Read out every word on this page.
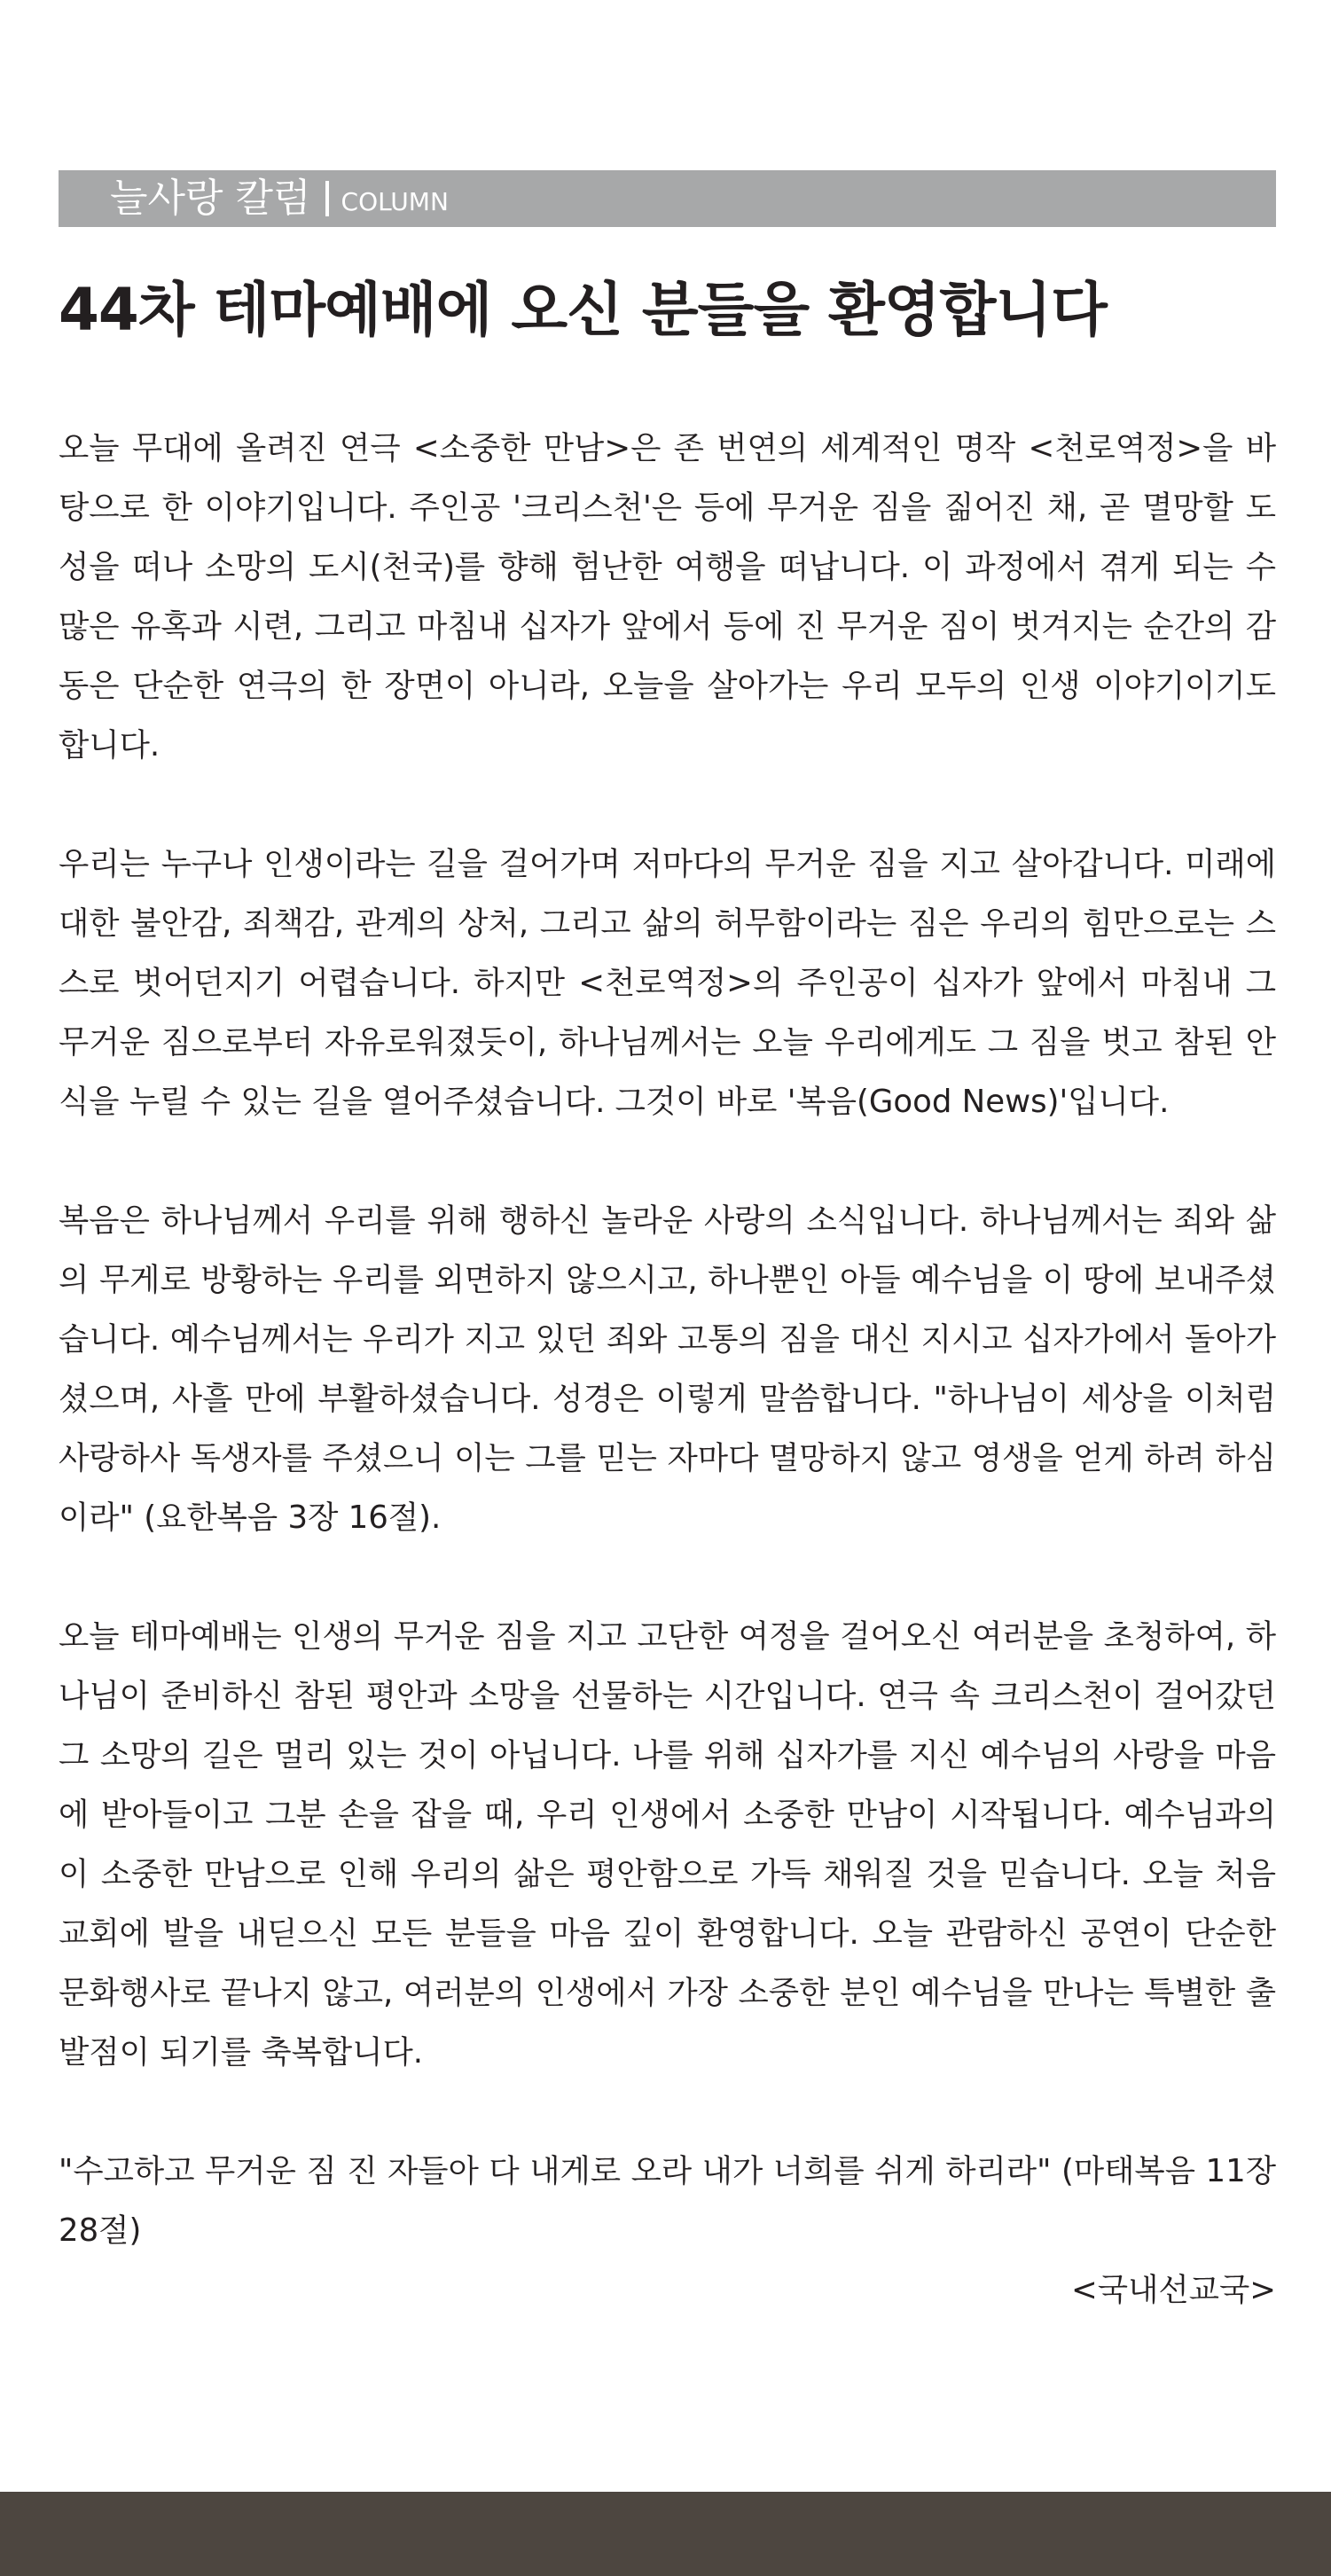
늘사랑 칼럼 COLUMN
44차 테마예배에 오신 분들을 환영합니다

오늘 무대에 올려진 연극 <소중한 만남>은 존 번연의 세계적인 명작 <천로역정>을 바탕으로 한 이야기입니다. 주인공 '크리스천'은 등에 무거운 짐을 짊어진 채, 곧 멸망할 도성을 떠나 소망의 도시(천국)를 향해 험난한 여행을 떠납니다. 이 과정에서 겪게 되는 수많은 유혹과 시련, 그리고 마침내 십자가 앞에서 등에 진 무거운 짐이 벗겨지는 순간의 감동은 단순한 연극의 한 장면이 아니라, 오늘을 살아가는 우리 모두의 인생 이야기이기도 합니다.

우리는 누구나 인생이라는 길을 걸어가며 저마다의 무거운 짐을 지고 살아갑니다. 미래에 대한 불안감, 죄책감, 관계의 상처, 그리고 삶의 허무함이라는 짐은 우리의 힘만으로는 스스로 벗어던지기 어렵습니다. 하지만 <천로역정>의 주인공이 십자가 앞에서 마침내 그 무거운 짐으로부터 자유로워졌듯이, 하나님께서는 오늘 우리에게도 그 짐을 벗고 참된 안식을 누릴 수 있는 길을 열어주셨습니다. 그것이 바로 '복음(Good News)'입니다.

복음은 하나님께서 우리를 위해 행하신 놀라운 사랑의 소식입니다. 하나님께서는 죄와 삶의 무게로 방황하는 우리를 외면하지 않으시고, 하나뿐인 아들 예수님을 이 땅에 보내주셨습니다. 예수님께서는 우리가 지고 있던 죄와 고통의 짐을 대신 지시고 십자가에서 돌아가셨으며, 사흘 만에 부활하셨습니다. 성경은 이렇게 말씀합니다. "하나님이 세상을 이처럼 사랑하사 독생자를 주셨으니 이는 그를 믿는 자마다 멸망하지 않고 영생을 얻게 하려 하심이라" (요한복음 3장 16절).

오늘 테마예배는 인생의 무거운 짐을 지고 고단한 여정을 걸어오신 여러분을 초청하여, 하나님이 준비하신 참된 평안과 소망을 선물하는 시간입니다. 연극 속 크리스천이 걸어갔던 그 소망의 길은 멀리 있는 것이 아닙니다. 나를 위해 십자가를 지신 예수님의 사랑을 마음에 받아들이고 그분 손을 잡을 때, 우리 인생에서 소중한 만남이 시작됩니다. 예수님과의 이 소중한 만남으로 인해 우리의 삶은 평안함으로 가득 채워질 것을 믿습니다. 오늘 처음 교회에 발을 내딛으신 모든 분들을 마음 깊이 환영합니다. 오늘 관람하신 공연이 단순한 문화행사로 끝나지 않고, 여러분의 인생에서 가장 소중한 분인 예수님을 만나는 특별한 출발점이 되기를 축복합니다.

"수고하고 무거운 짐 진 자들아 다 내게로 오라 내가 너희를 쉬게 하리라" (마태복음 11장 28절)

<국내선교국>
